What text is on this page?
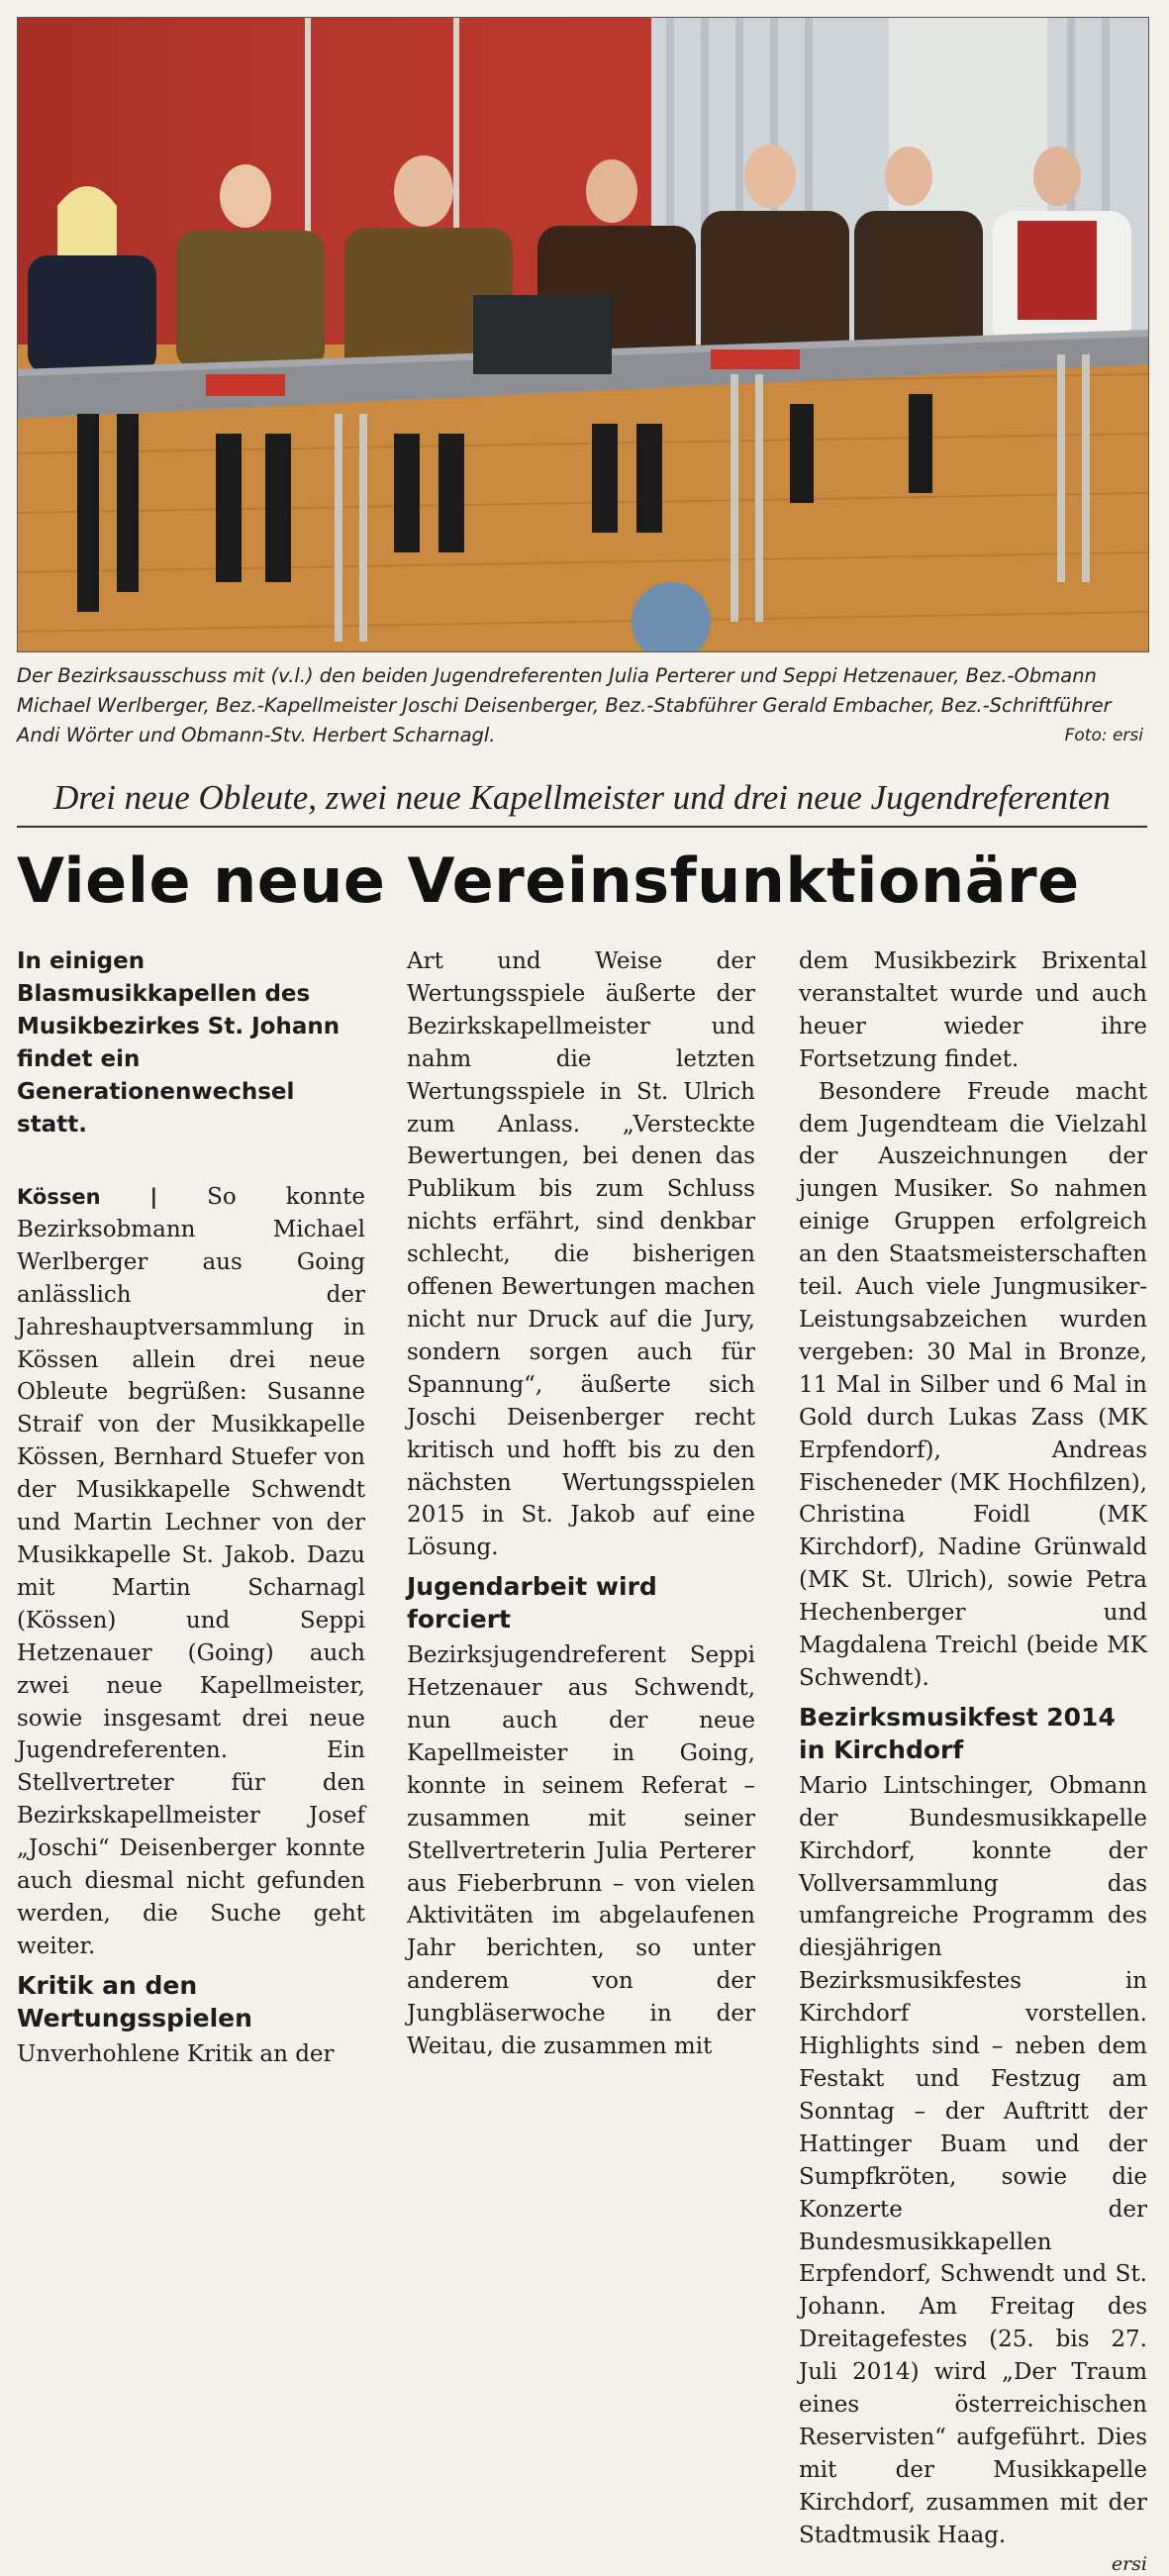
Der Bezirksausschuss mit (v.l.) den beiden Jugendreferenten Julia Perterer und Seppi Hetzenauer, Bez.-Obmann Michael Werlberger, Bez.-Kapellmeister Joschi Deisenberger, Bez.-Stabführer Gerald Embacher, Bez.-Schriftführer Andi Wörter und Obmann-Stv. Herbert Scharnagl.	Foto: ersi
Drei neue Obleute, zwei neue Kapellmeister und drei neue Jugendreferenten
Viele neue Vereinsfunktionäre

In einigen Blasmusikkapellen des Musikbezirkes St. Johann findet ein Generationenwechsel statt.

Kössen | So konnte Bezirksobmann Michael Werlberger aus Going anlässlich der Jahreshauptversammlung in Kössen allein drei neue Obleute begrüßen: Susanne Straif von der Musikkapelle Kössen, Bernhard Stuefer von der Musikkapelle Schwendt und Martin Lechner von der Musikkapelle St. Jakob. Dazu mit Martin Scharnagl (Kössen) und Seppi Hetzenauer (Going) auch zwei neue Kapellmeister, sowie insgesamt drei neue Jugendreferenten. Ein Stellvertreter für den Bezirkskapellmeister Josef „Joschi“ Deisenberger konnte auch diesmal nicht gefunden werden, die Suche geht weiter.

Kritik an den Wertungsspielen

Unverhohlene Kritik an der

Art und Weise der Wertungsspiele äußerte der Bezirkskapellmeister und nahm die letzten Wertungsspiele in St. Ulrich zum Anlass. „Versteckte Bewertungen, bei denen das Publikum bis zum Schluss nichts erfährt, sind denkbar schlecht, die bisherigen offenen Bewertungen machen nicht nur Druck auf die Jury, sondern sorgen auch für Spannung“, äußerte sich Joschi Deisenberger recht kritisch und hofft bis zu den nächsten Wertungsspielen 2015 in St. Jakob auf eine Lösung.

Jugendarbeit wird forciert

Bezirksjugendreferent Seppi Hetzenauer aus Schwendt, nun auch der neue Kapellmeister in Going, konnte in seinem Referat – zusammen mit seiner Stellvertreterin Julia Perterer aus Fieberbrunn – von vielen Aktivitäten im abgelaufenen Jahr berichten, so unter anderem von der Jungbläserwoche in der Weitau, die zusammen mit

dem Musikbezirk Brixental veranstaltet wurde und auch heuer wieder ihre Fortsetzung findet.

Besondere Freude macht dem Jugendteam die Vielzahl der Auszeichnungen der jungen Musiker. So nahmen einige Gruppen erfolgreich an den Staatsmeisterschaften teil. Auch viele Jungmusiker-Leistungsabzeichen wurden vergeben: 30 Mal in Bronze, 11 Mal in Silber und 6 Mal in Gold durch Lukas Zass (MK Erpfendorf), Andreas Fischeneder (MK Hochfilzen), Christina Foidl (MK Kirchdorf), Nadine Grünwald (MK St. Ulrich), sowie Petra Hechenberger und Magdalena Treichl (beide MK Schwendt).

Bezirksmusikfest 2014 in Kirchdorf

Mario Lintschinger, Obmann der Bundesmusikkapelle Kirchdorf, konnte der Vollversammlung das umfangreiche Programm des diesjährigen Bezirksmusikfestes in Kirchdorf vorstellen. Highlights sind – neben dem Festakt und Festzug am Sonntag – der Auftritt der Hattinger Buam und der Sumpfkröten, sowie die Konzerte der Bundesmusikkapellen Erpfendorf, Schwendt und St. Johann. Am Freitag des Dreitagefestes (25. bis 27. Juli 2014) wird „Der Traum eines österreichischen Reservisten“ aufgeführt. Dies mit der Musikkapelle Kirchdorf, zusammen mit der Stadtmusik Haag.

ersi
